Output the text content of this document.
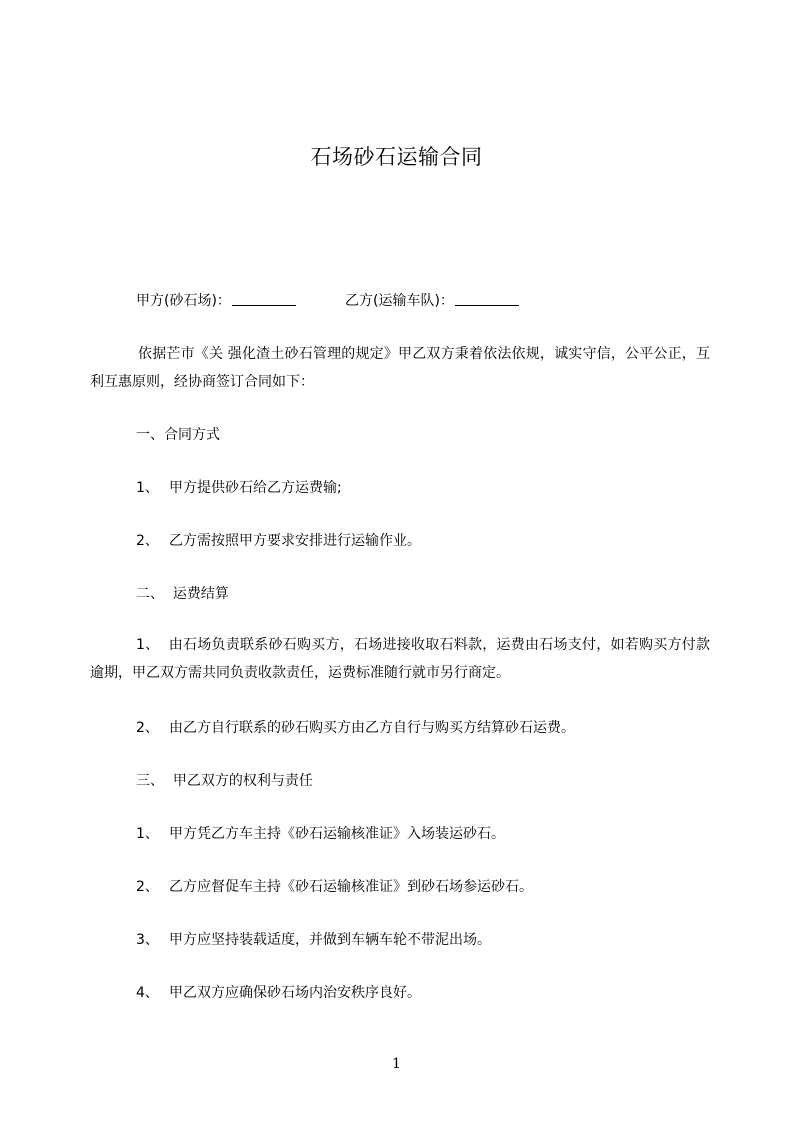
石场砂石运输合同
甲方(砂石场)：	乙方(运输车队)：
依据芒市《关 强化渣土砂石管理的规定》甲乙双方秉着依法依规，诚实守信，公平公正，互利互惠原则，经协商签订合同如下：
一、合同方式
1、 甲方提供砂石给乙方运费输;
2、 乙方需按照甲方要求安排进行运输作业。
二、  运费结算
1、  由石场负责联系砂石购买方，石场进接收取石料款，运费由石场支付，如若购买方付款逾期，甲乙双方需共同负责收款责任，运费标准随行就市另行商定。
2、 由乙方自行联系的砂石购买方由乙方自行与购买方结算砂石运费。
三、  甲乙双方的权利与责任
1、 甲方凭乙方车主持《砂石运输核准证》入场装运砂石。
2、 乙方应督促车主持《砂石运输核准证》到砂石场参运砂石。
3、 甲方应坚持装载适度，并做到车辆车轮不带泥出场。
4、 甲乙双方应确保砂石场内治安秩序良好。
1
